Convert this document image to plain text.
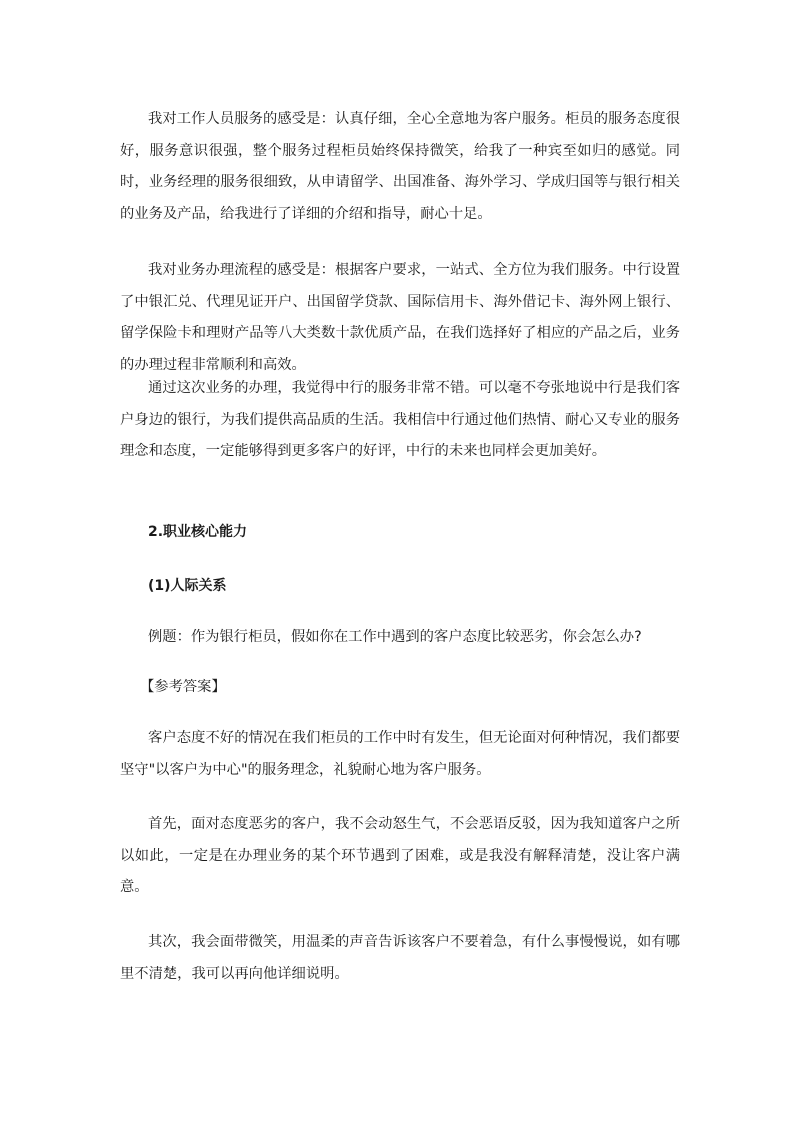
我对工作人员服务的感受是：认真仔细，全心全意地为客户服务。柜员的服务态度很好，服务意识很强，整个服务过程柜员始终保持微笑，给我了一种宾至如归的感觉。同时，业务经理的服务很细致，从申请留学、出国准备、海外学习、学成归国等与银行相关的业务及产品，给我进行了详细的介绍和指导，耐心十足。

我对业务办理流程的感受是：根据客户要求，一站式、全方位为我们服务。中行设置了中银汇兑、代理见证开户、出国留学贷款、国际信用卡、海外借记卡、海外网上银行、留学保险卡和理财产品等八大类数十款优质产品，在我们选择好了相应的产品之后，业务的办理过程非常顺利和高效。

通过这次业务的办理，我觉得中行的服务非常不错。可以毫不夸张地说中行是我们客户身边的银行，为我们提供高品质的生活。我相信中行通过他们热情、耐心又专业的服务理念和态度，一定能够得到更多客户的好评，中行的未来也同样会更加美好。

2.职业核心能力
(1)人际关系
例题：作为银行柜员，假如你在工作中遇到的客户态度比较恶劣，你会怎么办?
【参考答案】

客户态度不好的情况在我们柜员的工作中时有发生，但无论面对何种情况，我们都要坚守"以客户为中心"的服务理念，礼貌耐心地为客户服务。

首先，面对态度恶劣的客户，我不会动怒生气，不会恶语反驳，因为我知道客户之所以如此，一定是在办理业务的某个环节遇到了困难，或是我没有解释清楚，没让客户满意。

其次，我会面带微笑，用温柔的声音告诉该客户不要着急，有什么事慢慢说，如有哪里不清楚，我可以再向他详细说明。
